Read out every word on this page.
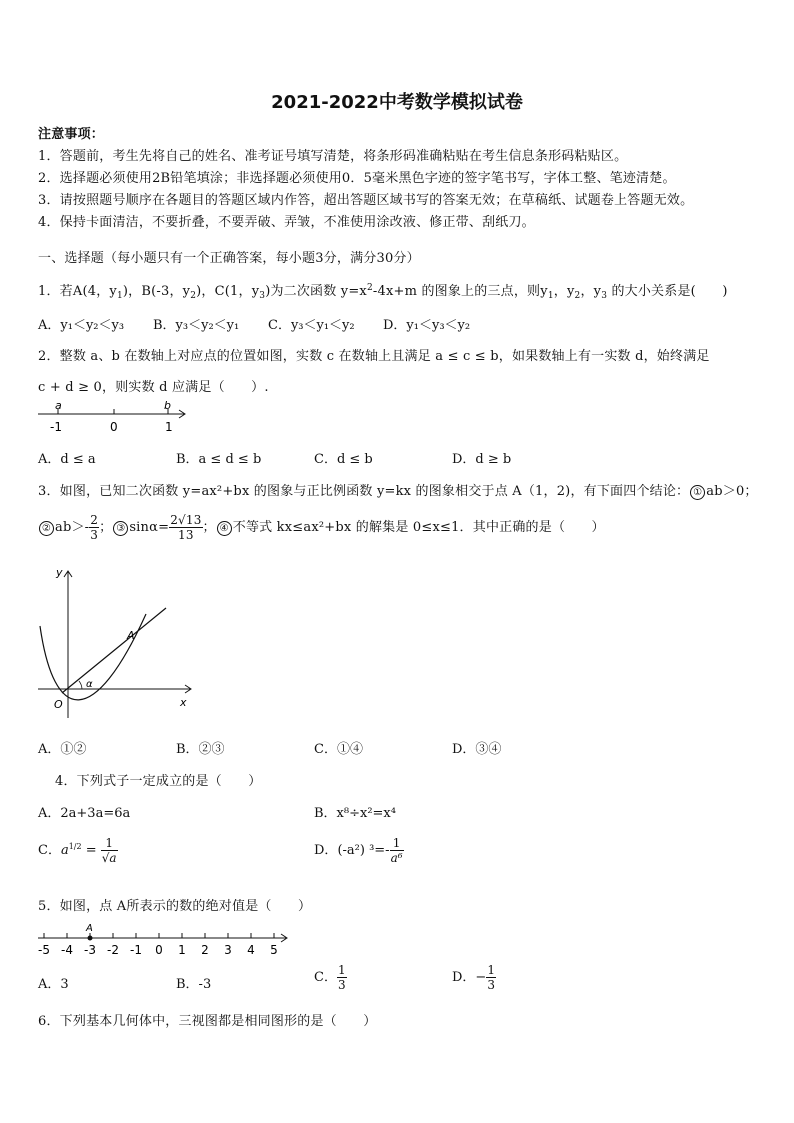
2021-2022中考数学模拟试卷
注意事项：
1．答题前，考生先将自己的姓名、准考证号填写清楚，将条形码准确粘贴在考生信息条形码粘贴区。
2．选择题必须使用2B铅笔填涂；非选择题必须使用0．5毫米黑色字迹的签字笔书写，字体工整、笔迹清楚。
3．请按照题号顺序在各题目的答题区域内作答，超出答题区域书写的答案无效；在草稿纸、试题卷上答题无效。
4．保持卡面清洁，不要折叠，不要弄破、弄皱，不准使用涂改液、修正带、刮纸刀。
一、选择题（每小题只有一个正确答案，每小题3分，满分30分）
1．若A(4，$y_1$)，B(-3，$y_2$)，C(1，$y_3$)为二次函数 $y=x^2-4x+m$ 的图象上的三点，则$y_1$，$y_2$，$y_3$ 的大小关系是(　　)
A．y₁＜y₂＜y₃ B．y₃＜y₂＜y₁ C．y₃＜y₁＜y₂ D．y₁＜y₃＜y₂
2．整数 a、b 在数轴上对应点的位置如图，实数 c 在数轴上且满足 a ≤ c ≤ b，如果数轴上有一实数 d，始终满足
c + d ≥ 0，则实数 d 应满足（　　）.
a	b
-1	0	1
A．d ≤ a	B．a ≤ d ≤ b	C．d ≤ b	D．d ≥ b
3．如图，已知二次函数 y=ax²+bx 的图象与正比例函数 y=kx 的图象相交于点 A（1，2)，有下面四个结论： ① ab＞0；
② $ab>- \frac{2}{3}$ ； ③ $\sin\alpha= \frac{2√13}{13}$ ； ④ 不等式 kx≤ax²+bx 的解集是 0≤x≤1．其中正确的是（　　）
y
x
O
A
α
A．①②	B．②③	C．①④	D．③④
4．下列式子一定成立的是（　　）
A．2a+3a=6a	B．x⁸÷x²=x⁴
C．$a^{1/2} = \frac{1}{√a}$	D．(-a²) $^3=- \frac{1}{\text{a⁶}}$
5．如图，点 A所表示的数的绝对值是（　　）
-5 -4 -3 -2 -1 0 1 2 3 4 5
A
A．3	B．-3	C． $\frac{1}{3}$	D．− $\frac{1}{3}$
6．下列基本几何体中，三视图都是相同图形的是（　　）
